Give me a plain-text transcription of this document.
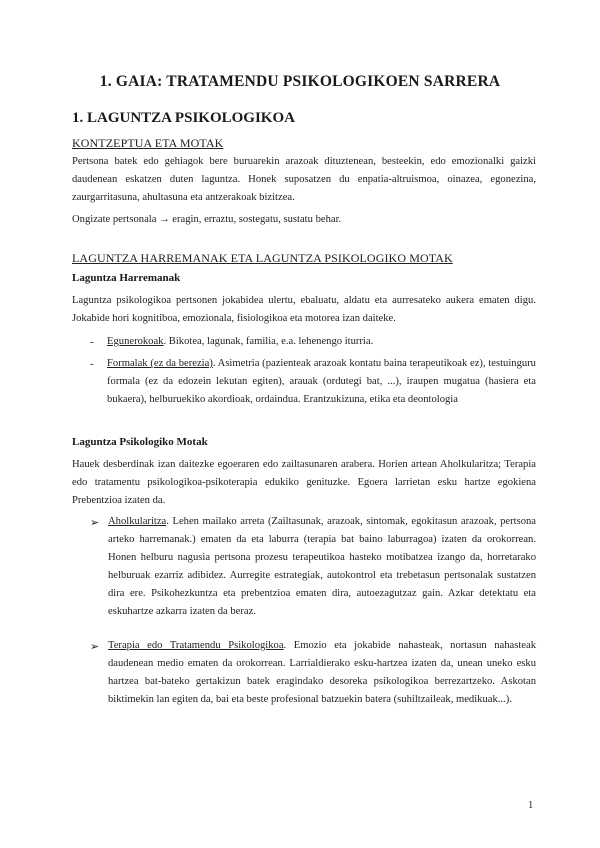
1. GAIA: TRATAMENDU PSIKOLOGIKOEN SARRERA
1. LAGUNTZA PSIKOLOGIKOA
KONTZEPTUA ETA MOTAK

Pertsona batek edo gehiagok bere buruarekin arazoak dituztenean, besteekin, edo emozionalki gaizki daudenean eskatzen duten laguntza. Honek suposatzen du enpatia-altruismoa, oinazea, egonezina, zaurgarritasuna, ahultasuna eta antzerakoak bizitzea.

Ongizate pertsonala → eragin, erraztu, sostegatu, sustatu behar.

LAGUNTZA HARREMANAK ETA LAGUNTZA PSIKOLOGIKO MOTAK
Laguntza Harremanak

Laguntza psikologikoa pertsonen jokabidea ulertu, ebaluatu, aldatu eta aurresateko aukera ematen digu. Jokabide hori kognitiboa, emozionala, fisiologikoa eta motorea izan daiteke.

- Egunerokoak. Bikotea, lagunak, familia, e.a. lehenengo iturria.

- Formalak (ez da berezia). Asimetria (pazienteak arazoak kontatu baina terapeutikoak ez), testuinguru formala (ez da edozein lekutan egiten), arauak (ordutegi bat, ...), iraupen mugatua (hasiera eta bukaera), helburuekiko akordioak, ordaindua. Erantzukizuna, etika eta deontologia

Laguntza Psikologiko Motak

Hauek desberdinak izan daitezke egoeraren edo zailtasunaren arabera. Horien artean Aholkularitza; Terapia edo tratamentu psikologikoa-psikoterapia edukiko genituzke. Egoera larrietan esku hartze egokiena Prebentzioa izaten da.

➢ Aholkularitza. Lehen mailako arreta (Zailtasunak, arazoak, sintomak, egokitasun arazoak, pertsona arteko harremanak.) ematen da eta laburra (terapia bat baino laburragoa) izaten da orokorrean. Honen helburu nagusia pertsona prozesu terapeutikoa hasteko motibatzea izango da, horretarako helburuak ezarriz adibidez. Aurregite estrategiak, autokontrol eta trebetasun pertsonalak sustatzen dira ere. Psikohezkuntza eta prebentzioa ematen dira, autoezagutzaz gain. Azkar detektatu eta eskuhartze azkarra izaten da beraz.

➢ Terapia edo Tratamendu Psikologikoa. Emozio eta jokabide nahasteak, nortasun nahasteak daudenean medio ematen da orokorrean. Larrialdierako esku-hartzea izaten da, unean uneko esku hartzea bat-bateko gertakizun batek eragindako desoreka psikologikoa berrezartzeko. Askotan biktimekin lan egiten da, bai eta beste profesional batzuekin batera (suhiltzaileak, medikuak...).

1
